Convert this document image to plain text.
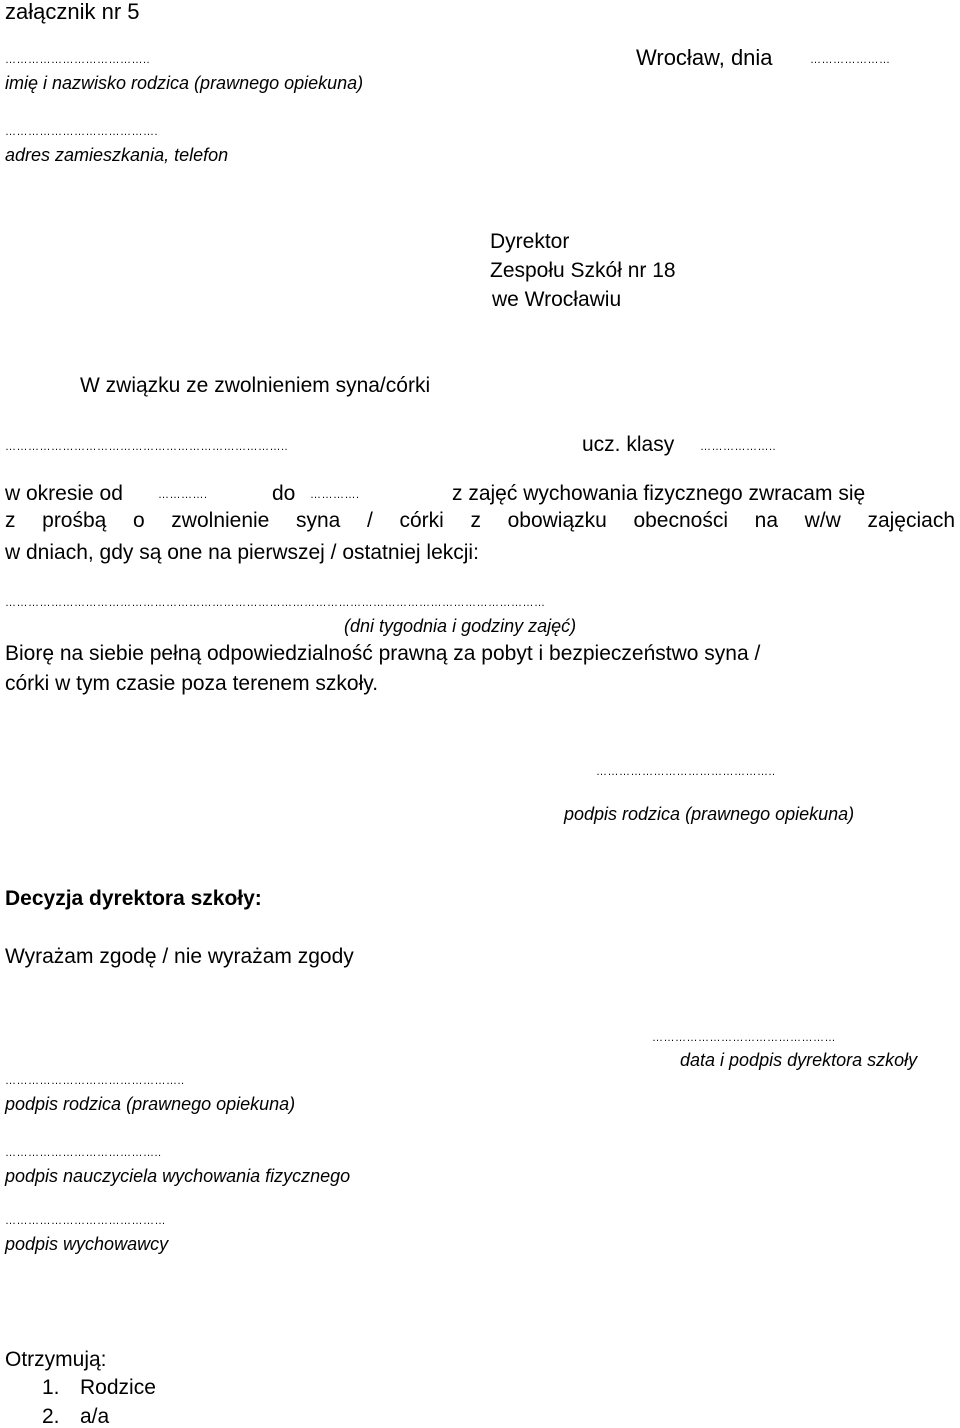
załącznik nr 5
………………………………..
imię i nazwisko rodzica (prawnego opiekuna)
Wrocław, dnia	…………………
………………………………….
adres zamieszkania, telefon
Dyrektor
Zespołu Szkół nr 18
we Wrocławiu
W związku ze zwolnieniem syna/córki
………………………………………………………………..	ucz. klasy ………………..
w okresie od	………….	do ………….	z zajęć wychowania fizycznego zwracam się
z prośbą o zwolnienie syna / córki z obowiązku obecności na w/w zajęciach
w dniach, gdy są one na pierwszej / ostatniej lekcji:
……………………………………………………………………………………………………………………………
(dni tygodnia i godziny zajęć)
Biorę na siebie pełną odpowiedzialność prawną za pobyt i bezpieczeństwo syna /
córki w tym czasie poza terenem szkoły.
………………………………………..
podpis rodzica (prawnego opiekuna)
Decyzja dyrektora szkoły:
Wyrażam zgodę / nie wyrażam zgody
…………………………………………
data i podpis dyrektora szkoły
………………………………………..
podpis rodzica (prawnego opiekuna)
…………………………………..
podpis nauczyciela wychowania fizycznego
……………………………………
podpis wychowawcy
Otrzymują:
1. Rodzice
2. a/a
